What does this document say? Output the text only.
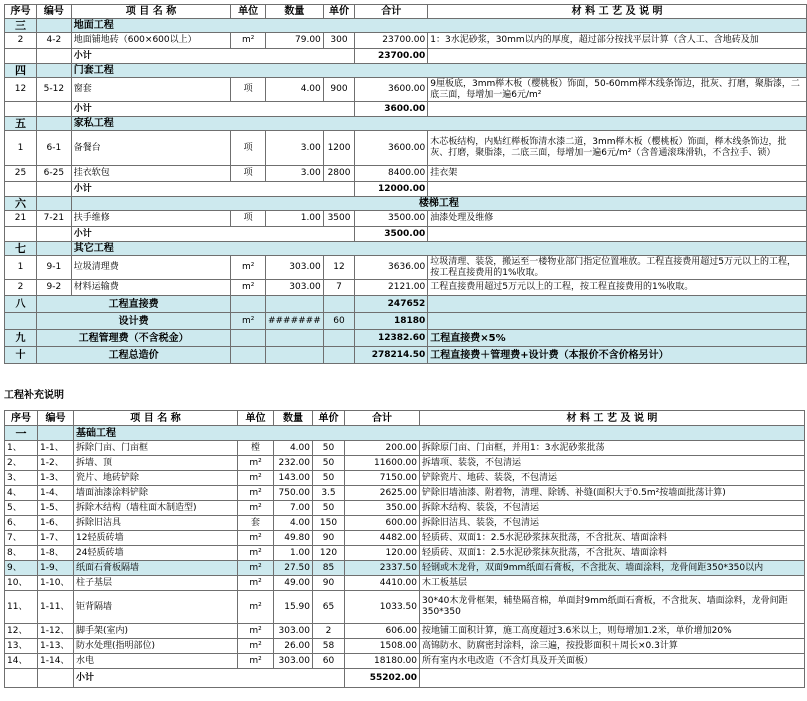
序号	编号	项 目 名 称	单位	数量	单价	合计	材 料 工 艺 及 说 明
三		地面工程					
2	4-2	地面铺地砖（600×600以上）	m²	79.00	300	23700.00	1：3水泥砂浆，30mm以内的厚度，超过部分按找平层计算（含人工、含地砖及加
		小计				23700.00	
四		门套工程					
12	5-12	窗套	项	4.00	900	3600.00	9厘板底，3mm榉木板（樱桃板）饰面，50-60mm榉木线条饰边，批灰、打磨，聚脂漆，二底三面，每增加一遍6元/m²
		小计				3600.00	
五		家私工程					
1	6-1	备餐台	项	3.00	1200	3600.00	木芯板结构，内贴红榉板饰清水漆二道，3mm榉木板（樱桃板）饰面，榉木线条饰边，批灰、打磨，聚脂漆，二底三面，每增加一遍6元/m²（含普通滚珠滑轨，不含拉手、锁）
25	6-25	挂衣软包	项	3.00	2800	8400.00	挂衣架
		小计				12000.00	
六		楼梯工程					
21	7-21	扶手维修	项	1.00	3500	3500.00	油漆处理及维修
		小计				3500.00	
七		其它工程					
1	9-1	垃圾清理费	m²	303.00	12	3636.00	垃圾清理、装袋，搬运至一楼物业部门指定位置堆放。工程直接费用超过5万元以上的工程，按工程直接费用的1%收取。
2	9-2	材料运输费	m²	303.00	7	2121.00	工程直接费用超过5万元以上的工程，按工程直接费用的1%收取。
八	工程直接费					247652	
	设计费		m²	#######	60	18180	
九	工程管理费（不含税金）					12382.60	工程直接费×5%
十	工程总造价					278214.50	工程直接费＋管理费+设计费（本报价不含价格另计）
工程补充说明
序号	编号	项 目 名 称	单位	数量	单价	合计	材 料 工 艺 及 说 明
一		基础工程					
1、	1-1、	拆除门亩、门亩框	樘	4.00	50	200.00	拆除原门亩、门亩框，并用1：3水泥砂浆批荡
2、	1-2、	拆墙、顶	m²	232.00	50	11600.00	拆墙项、装袋，不包清运
3、	1-3、	瓷片、地砖铲除	m²	143.00	50	7150.00	铲除瓷片、地砖、装袋，不包清运
4、	1-4、	墙面油漆涂料铲除	m²	750.00	3.5	2625.00	铲除旧墙油漆、附着物，清理、除锈、补缝(面积大于0.5m²按墙面批荡计算)
5、	1-5、	拆除木结构（墙柱面木制造型)	m²	7.00	50	350.00	拆除木结构、装袋，不包清运
6、	1-6、	拆除旧洁具	套	4.00	150	600.00	拆除旧洁具、装袋，不包清运
7、	1-7、	12轻质砖墙	m²	49.80	90	4482.00	轻质砖、双面1：2.5水泥砂浆抹灰批荡，不含批灰、墙面涂料
8、	1-8、	24轻质砖墙	m²	1.00	120	120.00	轻质砖、双面1：2.5水泥砂浆抹灰批荡，不含批灰、墙面涂料
9、	1-9、	纸面石膏板隔墙	m²	27.50	85	2337.50	轻钢或木龙骨，双面9mm纸面石膏板，不含批灰、墙面涂料，龙骨间距350*350以内
10、	1-10、	柱子基层	m²	49.00	90	4410.00	木工板基层
11、	1-11、	钜背隔墙	m²	15.90	65	1033.50	30*40木龙骨框架，辅垫隔音棉，单面封9mm纸面石膏板，不含批灰、墙面涂料，龙骨间距350*350
12、	1-12、	脚手架(室内)	m²	303.00	2	606.00	按地铺工面积计算，施工高度超过3.6米以上，则每增加1.2米，单价增加20%
13、	1-13、	防水处理(指明部位)	m²	26.00	58	1508.00	高锦防水、防腐密封涂料，涂三遍，按投影面积＋周长×0.3计算
14、	1-14、	水电	m²	303.00	60	18180.00	所有室内水电改造（不含灯具及开关面板）
		小计				55202.00	
